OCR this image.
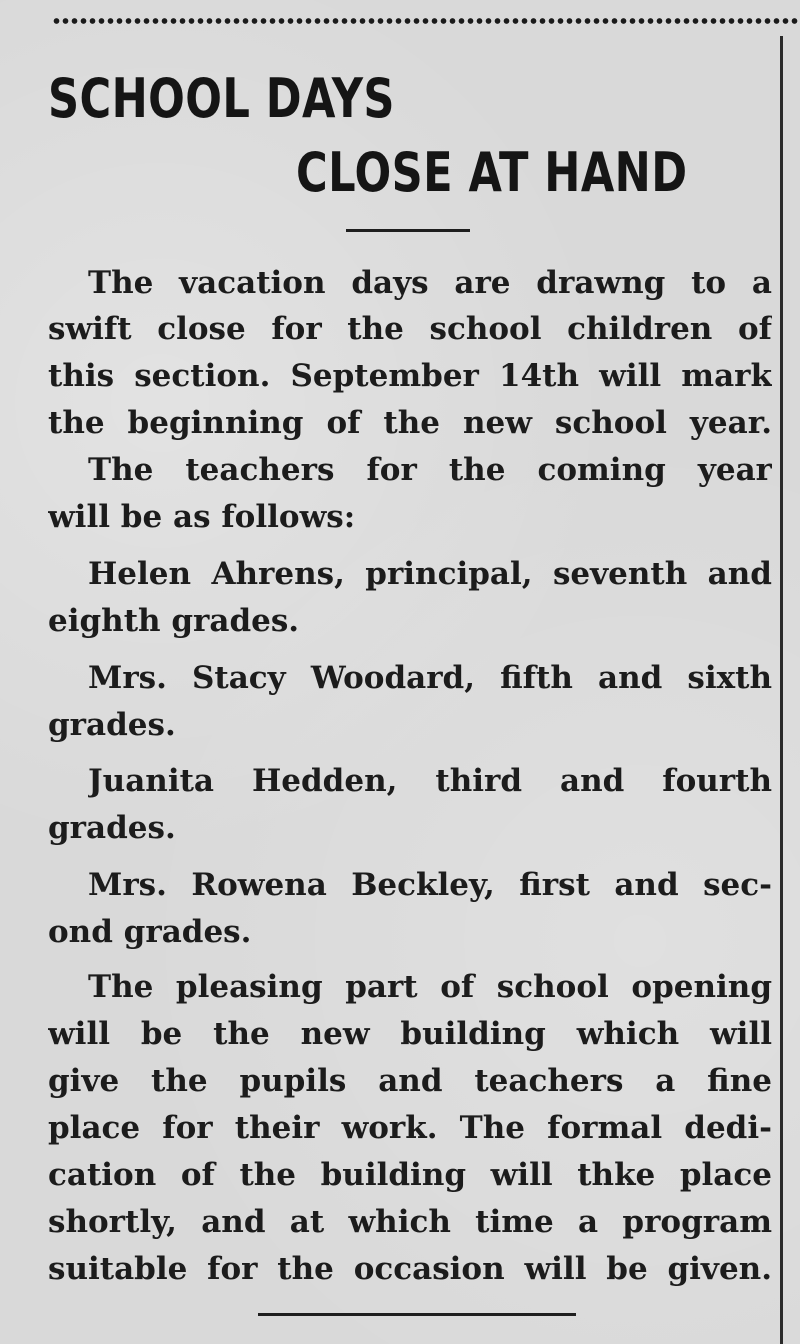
SCHOOL DAYS
CLOSE AT HAND
The vacation days are drawng to a
swift close for the school children of
this section. September 14th will mark
the beginning of the new school year.
The teachers for the coming year
will be as follows:
Helen Ahrens, principal, seventh and
eighth grades.
Mrs. Stacy Woodard, fifth and sixth
grades.
Juanita Hedden, third and fourth
grades.
Mrs. Rowena Beckley, first and sec-
ond grades.
The pleasing part of school opening
will be the new building which will
give the pupils and teachers a fine
place for their work. The formal dedi-
cation of the building will thke place
shortly, and at which time a program
suitable for the occasion will be given.
